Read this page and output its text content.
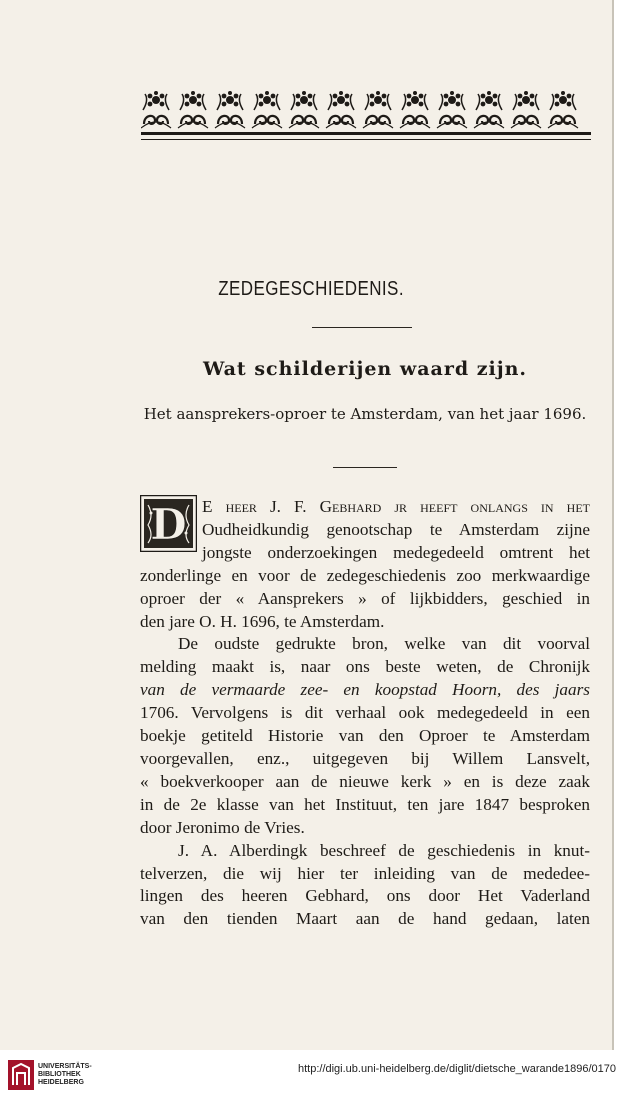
ZEDEGESCHIEDENIS.
Wat schilderijen waard zijn.
Het aansprekers-oproer te Amsterdam, van het jaar 1696.
D E heer J. F. Gebhard jr heeft onlangs in het
Oudheidkundig genootschap te Amsterdam zijne
jongste onderzoekingen medegedeeld omtrent het

zonderlinge en voor de zedegeschiedenis zoo merkwaardige
oproer der « Aansprekers » of lijkbidders, geschied in
den jare O. H. 1696, te Amsterdam.

De oudste gedrukte bron, welke van dit voorval
melding maakt is, naar ons beste weten, de Chronijk
van de vermaarde zee- en koopstad Hoorn, des jaars
1706. Vervolgens is dit verhaal ook medegedeeld in een
boekje getiteld Historie van den Oproer te Amsterdam
voorgevallen, enz., uitgegeven bij Willem Lansvelt,
« boekverkooper aan de nieuwe kerk » en is deze zaak
in de 2e klasse van het Instituut, ten jare 1847 besproken
door Jeronimo de Vries.

J. A. Alberdingk beschreef de geschiedenis in knut-
telverzen, die wij hier ter inleiding van de mededee-
lingen des heeren Gebhard, ons door Het Vaderland
van den tienden Maart aan de hand gedaan, laten

UNIVERSITÄTS-
BIBLIOTHEK
HEIDELBERG
http://digi.ub.uni-heidelberg.de/diglit/dietsche_warande1896/0170
